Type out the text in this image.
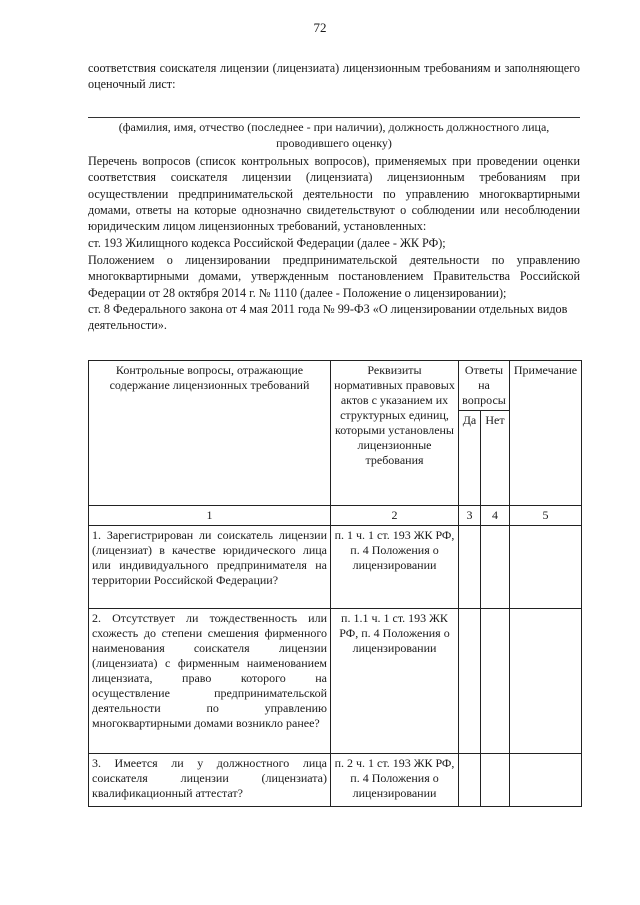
72

соответствия соискателя лицензии (лицензиата) лицензионным требованиям и заполняющего оценочный лист:

(фамилия, имя, отчество (последнее - при наличии), должность должностного лица, проводившего оценку)

Перечень вопросов (список контрольных вопросов), применяемых при проведении оценки соответствия соискателя лицензии (лицензиата) лицензионным требованиям при осуществлении предпринимательской деятельности по управлению многоквартирными домами, ответы на которые однозначно свидетельствуют о соблюдении или несоблюдении юридическим лицом лицензионных требований, установленных:

ст. 193 Жилищного кодекса Российской Федерации (далее - ЖК РФ);

Положением о лицензировании предпринимательской деятельности по управлению многоквартирными домами, утвержденным постановлением Правительства Российской Федерации от 28 октября 2014 г. № 1110 (далее - Положение о лицензировании);

ст. 8 Федерального закона от 4 мая 2011 года № 99-ФЗ «О лицензировании отдельных видов деятельности».

Контрольные вопросы, отражающие содержание лицензионных требований	Реквизиты нормативных правовых актов с указанием их структурных единиц, которыми установлены лицензионные требования	Ответы на вопросы		Примечание
		Да	Нет	
1	2	3	4	5
1. Зарегистрирован ли соискатель лицензии (лицензиат) в качестве юридического лица или индивидуального предпринимателя на территории Российской Федерации?	п. 1 ч. 1 ст. 193 ЖК РФ, п. 4 Положения о лицензировании			
2. Отсутствует ли тождественность или схожесть до степени смешения фирменного наименования соискателя лицензии (лицензиата) с фирменным наименованием лицензиата, право которого на осуществление предпринимательской деятельности по управлению многоквартирными домами возникло ранее?	п. 1.1 ч. 1 ст. 193 ЖК РФ, п. 4 Положения о лицензировании			
3. Имеется ли у должностного лица соискателя лицензии (лицензиата) квалификационный аттестат?	п. 2 ч. 1 ст. 193 ЖК РФ, п. 4 Положения о лицензировании			
